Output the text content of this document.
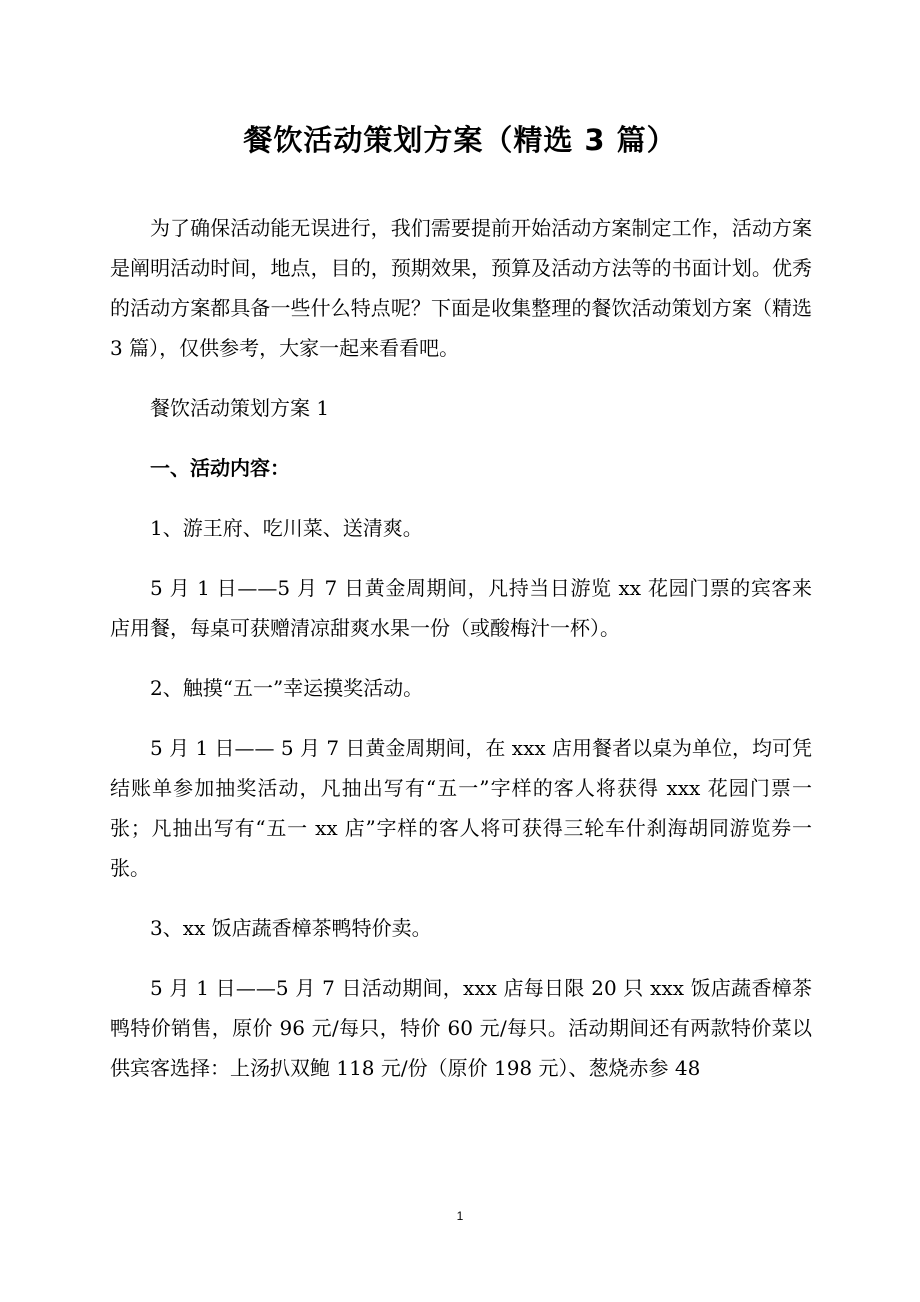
餐饮活动策划方案（精选 3 篇）

为了确保活动能无误进行，我们需要提前开始活动方案制定工作，活动方案是阐明活动时间，地点，目的，预期效果，预算及活动方法等的书面计划。优秀的活动方案都具备一些什么特点呢？下面是收集整理的餐饮活动策划方案（精选 3 篇），仅供参考，大家一起来看看吧。

餐饮活动策划方案 1

一、活动内容：

1、游王府、吃川菜、送清爽。

5 月 1 日——5 月 7 日黄金周期间，凡持当日游览 xx 花园门票的宾客来店用餐，每桌可获赠清凉甜爽水果一份（或酸梅汁一杯）。

2、触摸“五一”幸运摸奖活动。

5 月 1 日—— 5 月 7 日黄金周期间，在 xxx 店用餐者以桌为单位，均可凭结账单参加抽奖活动，凡抽出写有“五一”字样的客人将获得 xxx 花园门票一张；凡抽出写有“五一 xx 店”字样的客人将可获得三轮车什刹海胡同游览券一张。

3、xx 饭店蔬香樟茶鸭特价卖。

5 月 1 日——5 月 7 日活动期间，xxx 店每日限 20 只 xxx 饭店蔬香樟茶鸭特价销售，原价 96 元/每只，特价 60 元/每只。活动期间还有两款特价菜以供宾客选择：上汤扒双鲍 118 元/份（原价 198 元）、葱烧赤参 48

1
